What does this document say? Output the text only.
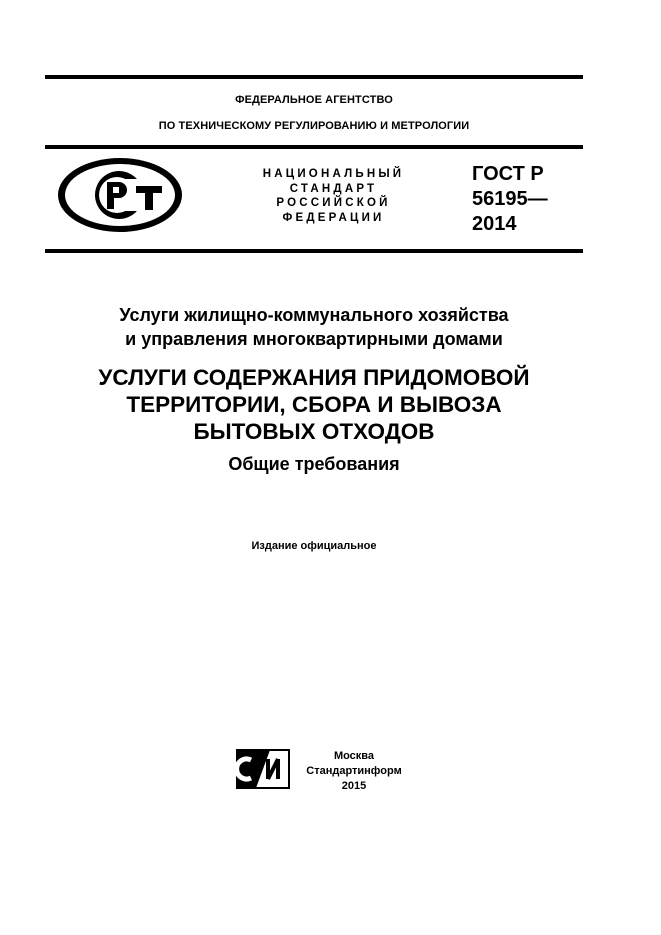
ФЕДЕРАЛЬНОЕ АГЕНТСТВО
ПО ТЕХНИЧЕСКОМУ РЕГУЛИРОВАНИЮ И МЕТРОЛОГИИ
РСТ
НАЦИОНАЛЬНЫЙ
СТАНДАРТ
РОССИЙСКОЙ
ФЕДЕРАЦИИ
ГОСТ Р
56195—
2014
Услуги жилищно-коммунального хозяйства
и управления многоквартирными домами
УСЛУГИ СОДЕРЖАНИЯ ПРИДОМОВОЙ
ТЕРРИТОРИИ, СБОРА И ВЫВОЗА
БЫТОВЫХ ОТХОДОВ
Общие требования
Издание официальное
Москва
Стандартинформ
2015
